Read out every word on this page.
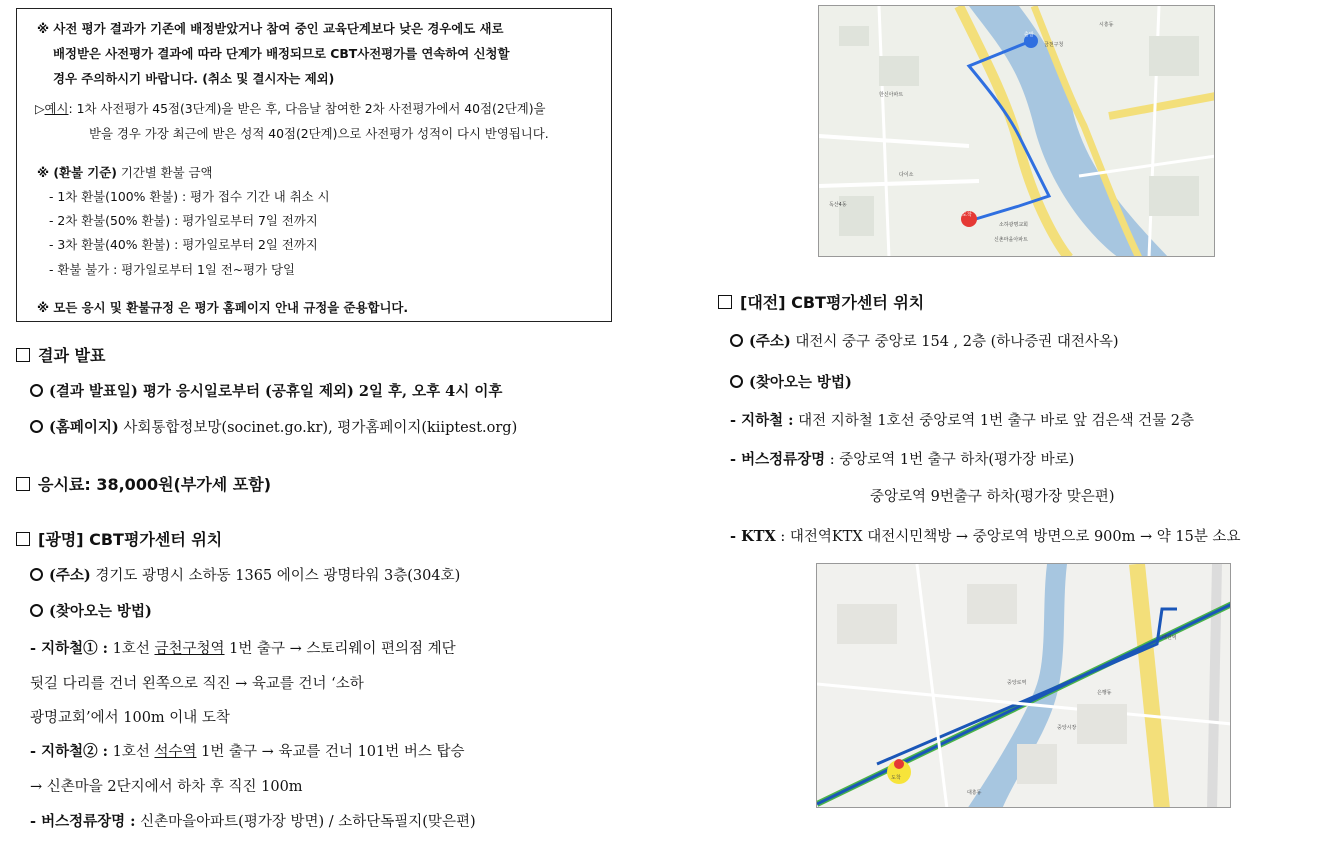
※ 사전 평가 결과가 기존에 배정받았거나 참여 중인 교육단계보다 낮은 경우에도 새로
배정받은 사전평가 결과에 따라 단계가 배정되므로 CBT사전평가를 연속하여 신청할
경우 주의하시기 바랍니다. (취소 및 결시자는 제외)
▷예시: 1차 사전평가 45점(3단계)을 받은 후, 다음날 참여한 2차 사전평가에서 40점(2단계)을
받을 경우 가장 최근에 받은 성적 40점(2단계)으로 사전평가 성적이 다시 반영됩니다.
※ (환불 기준) 기간별 환불 금액
- 1차 환불(100% 환불) : 평가 접수 기간 내 취소 시
- 2차 환불(50% 환불) : 평가일로부터 7일 전까지
- 3차 환불(40% 환불) : 평가일로부터 2일 전까지
- 환불 불가 : 평가일로부터 1일 전~평가 당일
※ 모든 응시 및 환불규정 은 평가 홈페이지 안내 규정을 준용합니다.
결과 발표
(결과 발표일) 평가 응시일로부터 (공휴일 제외) 2일 후, 오후 4시 이후
(홈페이지) 사회통합정보망(socinet.go.kr), 평가홈페이지(kiiptest.org)
응시료: 38,000원(부가세 포함)
[광명] CBT평가센터 위치
(주소) 경기도 광명시 소하동 1365 에이스 광명타워 3층(304호)
(찾아오는 방법)
- 지하철① : 1호선 금천구청역 1번 출구 → 스토리웨이 편의점 계단
뒷길 다리를 건너 왼쪽으로 직진 → 육교를 건너 ‘소하
광명교회’에서 100m 이내 도착
- 지하철② : 1호선 석수역 1번 출구 → 육교를 건너 101번 버스 탑승
→ 신촌마을 2단지에서 하차 후 직진 100m
- 버스정류장명 : 신촌마을아파트(평가장 방면) / 소하단독필지(맞은편)
금천구청
시흥동
한신아파트
소하광명교회
신촌마을아파트
도착
출발
다이소
독산4동
[대전] CBT평가센터 위치
(주소) 대전시 중구 중앙로 154 , 2층 (하나증권 대전사옥)
(찾아오는 방법)
- 지하철 : 대전 지하철 1호선 중앙로역 1번 출구 바로 앞 검은색 건물 2층
- 버스정류장명 : 중앙로역 1번 출구 하차(평가장 바로)
중앙로역 9번출구 하차(평가장 맞은편)
- KTX : 대전역KTX 대전시민책방 → 중앙로역 방면으로 900m → 약 15분 소요
대전역
중앙로역
도착
중앙시장
은행동
대흥동
